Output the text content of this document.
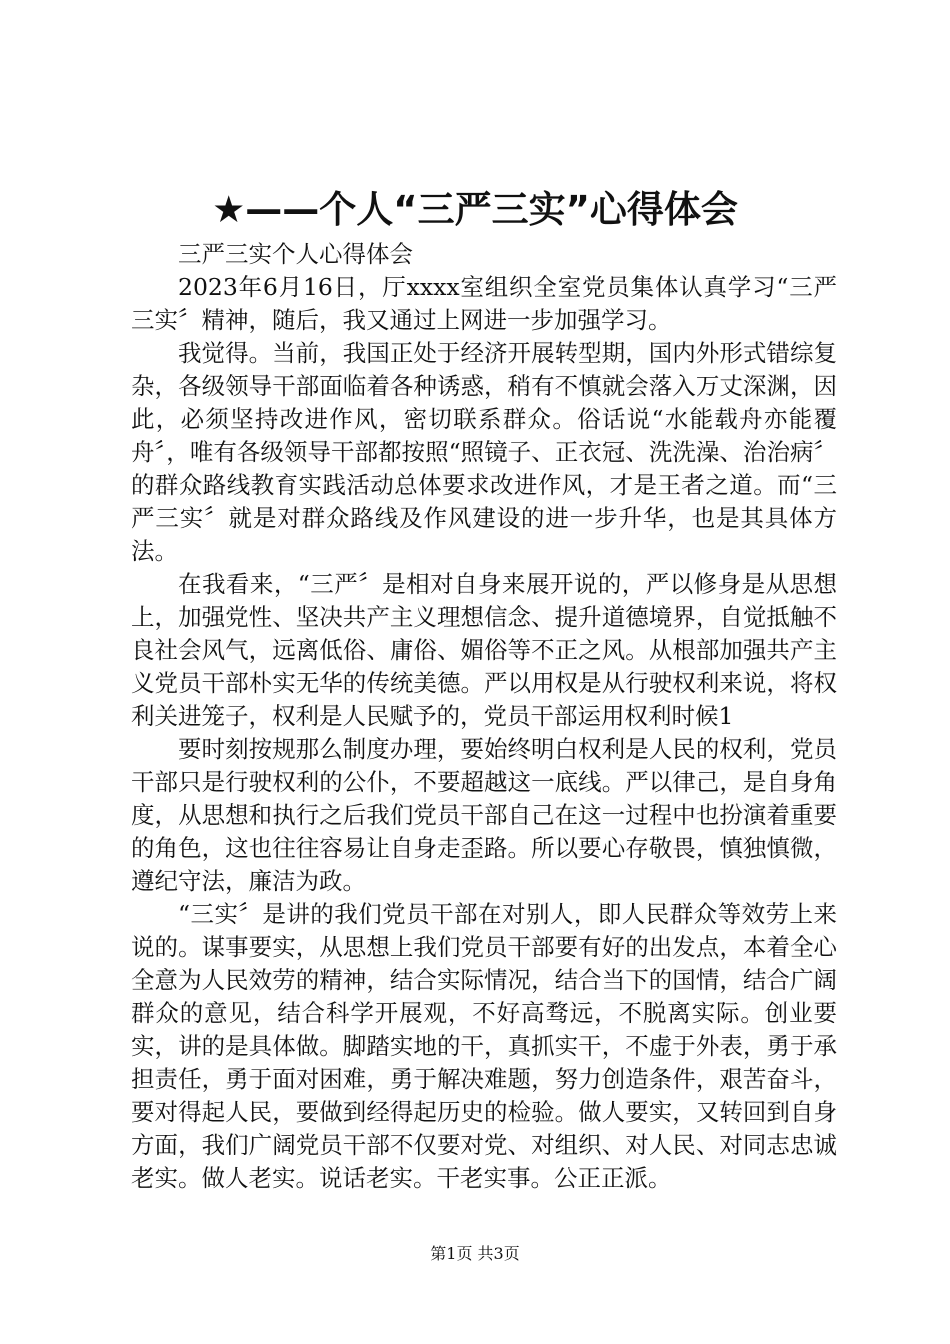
★——个人“三严三实”心得体会

三严三实个人心得体会

2023年6月16日，厅xxxx室组织全室党员集体认真学习“三严三实〞精神，随后，我又通过上网进一步加强学习。

我觉得。当前，我国正处于经济开展转型期，国内外形式错综复杂，各级领导干部面临着各种诱惑，稍有不慎就会落入万丈深渊，因此，必须坚持改进作风，密切联系群众。俗话说“水能载舟亦能覆舟〞，唯有各级领导干部都按照“照镜子、正衣冠、洗洗澡、治治病〞的群众路线教育实践活动总体要求改进作风，才是王者之道。而“三严三实〞就是对群众路线及作风建设的进一步升华，也是其具体方法。

在我看来，“三严〞是相对自身来展开说的，严以修身是从思想上，加强党性、坚决共产主义理想信念、提升道德境界，自觉抵触不良社会风气，远离低俗、庸俗、媚俗等不正之风。从根部加强共产主义党员干部朴实无华的传统美德。严以用权是从行驶权利来说，将权利关进笼子，权利是人民赋予的，党员干部运用权利时候1

要时刻按规那么制度办理，要始终明白权利是人民的权利，党员干部只是行驶权利的公仆，不要超越这一底线。严以律己，是自身角度，从思想和执行之后我们党员干部自己在这一过程中也扮演着重要的角色，这也往往容易让自身走歪路。所以要心存敬畏，慎独慎微，遵纪守法，廉洁为政。

“三实〞是讲的我们党员干部在对别人，即人民群众等效劳上来说的。谋事要实，从思想上我们党员干部要有好的出发点，本着全心全意为人民效劳的精神，结合实际情况，结合当下的国情，结合广阔群众的意见，结合科学开展观，不好高骛远，不脱离实际。创业要实，讲的是具体做。脚踏实地的干，真抓实干，不虚于外表，勇于承担责任，勇于面对困难，勇于解决难题，努力创造条件，艰苦奋斗，要对得起人民，要做到经得起历史的检验。做人要实，又转回到自身方面，我们广阔党员干部不仅要对党、对组织、对人民、对同志忠诚老实。做人老实。说话老实。干老实事。公正正派。

第1页 共3页
